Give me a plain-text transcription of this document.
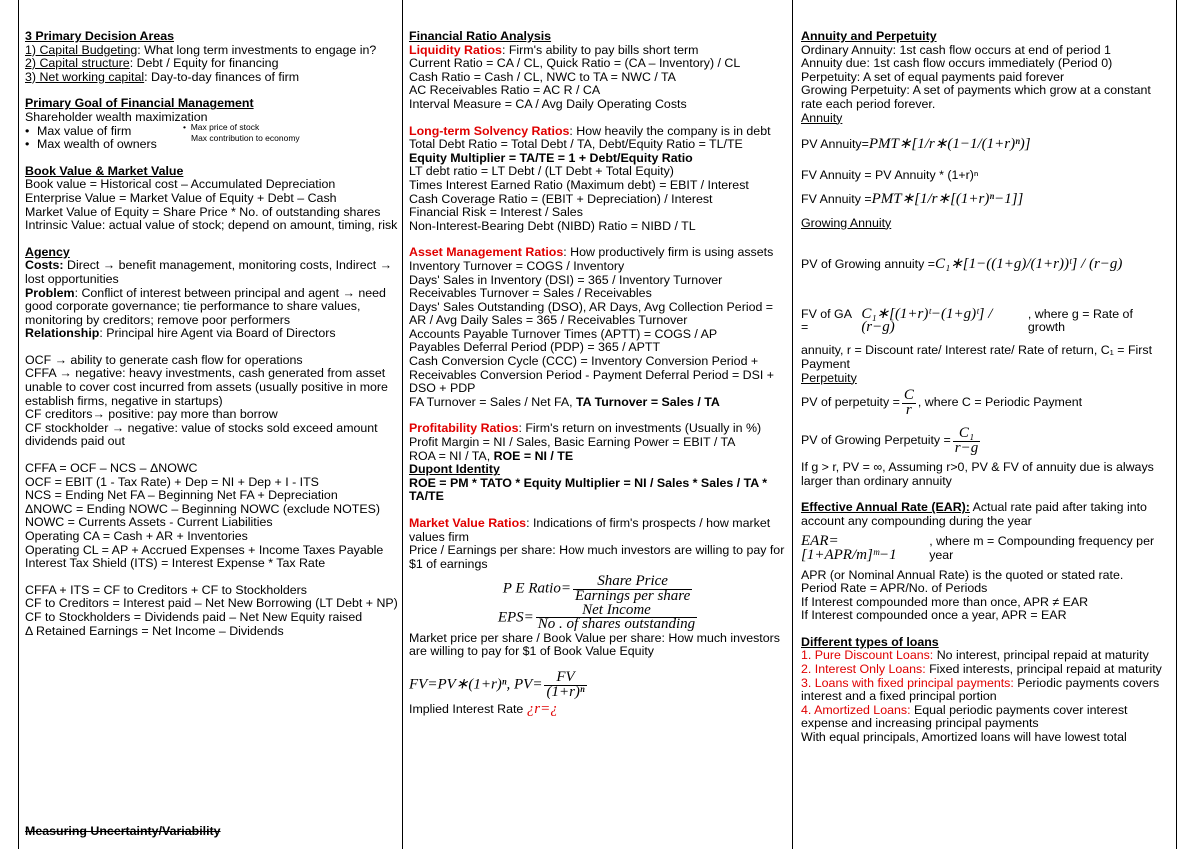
3 Primary Decision Areas
1) Capital Budgeting: What long term investments to engage in?
2) Capital structure: Debt / Equity for financing
3) Net working capital: Day-to-day finances of firm
Primary Goal of Financial Management
Shareholder wealth maximization
• Max value of firm
• Max wealth of owners
•  Max price of stock
Max contribution to economy
Book Value & Market Value
Book value = Historical cost – Accumulated Depreciation
Enterprise Value = Market Value of Equity + Debt – Cash
Market Value of Equity = Share Price * No. of outstanding shares
Intrinsic Value: actual value of stock; depend on amount, timing, risk
Agency
Costs: Direct → benefit management, monitoring costs, Indirect → lost opportunities
Problem: Conflict of interest between principal and agent → need good corporate governance; tie performance to share values, monitoring by creditors; remove poor performers
Relationship: Principal hire Agent via Board of Directors
OCF → ability to generate cash flow for operations
CFFA → negative: heavy investments, cash generated from asset unable to cover cost incurred from assets (usually positive in more establish firms, negative in startups)
CF creditors→ positive: pay more than borrow
CF stockholder → negative: value of stocks sold exceed amount dividends paid out
CFFA = OCF – NCS – ΔNOWC
OCF = EBIT (1 - Tax Rate) + Dep = NI + Dep + I - ITS
NCS = Ending Net FA – Beginning Net FA + Depreciation
ΔNOWC = Ending NOWC – Beginning NOWC (exclude NOTES)
NOWC = Currents Assets - Current Liabilities
Operating CA = Cash + AR + Inventories
Operating CL = AP + Accrued Expenses + Income Taxes Payable
Interest Tax Shield (ITS) = Interest Expense * Tax Rate
CFFA + ITS = CF to Creditors + CF to Stockholders
CF to Creditors = Interest paid – Net New Borrowing (LT Debt + NP)
CF to Stockholders = Dividends paid – Net New Equity raised
Δ Retained Earnings = Net Income – Dividends
Measuring Uncertainty/Variability
Financial Ratio Analysis
Liquidity Ratios: Firm's ability to pay bills short term
Current Ratio = CA / CL, Quick Ratio = (CA – Inventory) / CL
Cash Ratio = Cash / CL, NWC to TA = NWC / TA
AC Receivables Ratio = AC R / CA
Interval Measure = CA / Avg Daily Operating Costs
Long-term Solvency Ratios: How heavily the company is in debt
Total Debt Ratio = Total Debt / TA, Debt/Equity Ratio = TL/TE
Equity Multiplier = TA/TE = 1 + Debt/Equity Ratio
LT debt ratio = LT Debt / (LT Debt + Total Equity)
Times Interest Earned Ratio (Maximum debt) = EBIT / Interest
Cash Coverage Ratio = (EBIT + Depreciation) / Interest
Financial Risk = Interest / Sales
Non-Interest-Bearing Debt (NIBD) Ratio = NIBD / TL
Asset Management Ratios: How productively firm is using assets
Inventory Turnover = COGS / Inventory
Days' Sales in Inventory (DSI) = 365 / Inventory Turnover
Receivables Turnover = Sales / Receivables
Days' Sales Outstanding (DSO), AR Days, Avg Collection Period = AR / Avg Daily Sales = 365 / Receivables Turnover
Accounts Payable Turnover Times (APTT) = COGS / AP
Payables Deferral Period (PDP) = 365 / APTT
Cash Conversion Cycle (CCC) = Inventory Conversion Period + Receivables Conversion Period - Payment Deferral Period = DSI + DSO + PDP
FA Turnover = Sales / Net FA, TA Turnover = Sales / TA
Profitability Ratios: Firm's return on investments (Usually in %)
Profit Margin = NI / Sales, Basic Earning Power = EBIT / TA
ROA = NI / TA, ROE = NI / TE
Dupont Identity
ROE = PM * TATO * Equity Multiplier = NI / Sales * Sales / TA * TA/TE
Market Value Ratios: Indications of firm's prospects / how market values firm
Price / Earnings per share: How much investors are willing to pay for $1 of earnings
P E Ratio= $\frac{\text{Share Price}}{\text{Earnings per share}}$
$EPS= \frac{\text{Net Income}}{\text{No . of shares outstanding}}$
Market price per share / Book Value per share: How much investors are willing to pay for $1 of Book Value Equity
FV=PV∗(1+r)ⁿ, $PV= \frac{FV}{\text{(1+r)ⁿ}}$
Implied Interest Rate ¿r=¿
Annuity and Perpetuity
Ordinary Annuity: 1st cash flow occurs at end of period 1
Annuity due: 1st cash flow occurs immediately (Period 0)
Perpetuity: A set of equal payments paid forever
Growing Perpetuity: A set of payments which grow at a constant rate each period forever.
Annuity
PV Annuity= PMT∗[1/r∗(1−1/(1+r)ⁿ)]
FV Annuity = PV Annuity * (1+r)ⁿ
FV Annuity = PMT∗[1/r∗[(1+r)ⁿ−1]]
Growing Annuity
PV of Growing annuity = C₁∗[1−((1+g)/(1+r))ᵗ] / (r−g)
FV of GA =
C₁∗[(1+r)ᵗ−(1+g)ᵗ] / (r−g)
, where g = Rate of growth
annuity, r = Discount rate/ Interest rate/ Rate of return, C₁ = First Payment
Perpetuity
PV of perpetuity = $\frac{C}{r}$ , where C = Periodic Payment
PV of Growing Perpetuity = $\frac{\text{C₁}}{r-g}$
If g > r, PV = ∞, Assuming r>0, PV & FV of annuity due is always larger than ordinary annuity
Effective Annual Rate (EAR): Actual rate paid after taking into account any compounding during the year
EAR=[1+APR/m]ᵐ−1
, where m = Compounding frequency per year
APR (or Nominal Annual Rate) is the quoted or stated rate.
Period Rate = APR/No. of Periods
If Interest compounded more than once, APR ≠ EAR
If Interest compounded once a year, APR = EAR
Different types of loans
1. Pure Discount Loans: No interest, principal repaid at maturity
2. Interest Only Loans: Fixed interests, principal repaid at maturity
3. Loans with fixed principal payments: Periodic payments covers interest and a fixed principal portion
4. Amortized Loans: Equal periodic payments cover interest expense and increasing principal payments
With equal principals, Amortized loans will have lowest total
